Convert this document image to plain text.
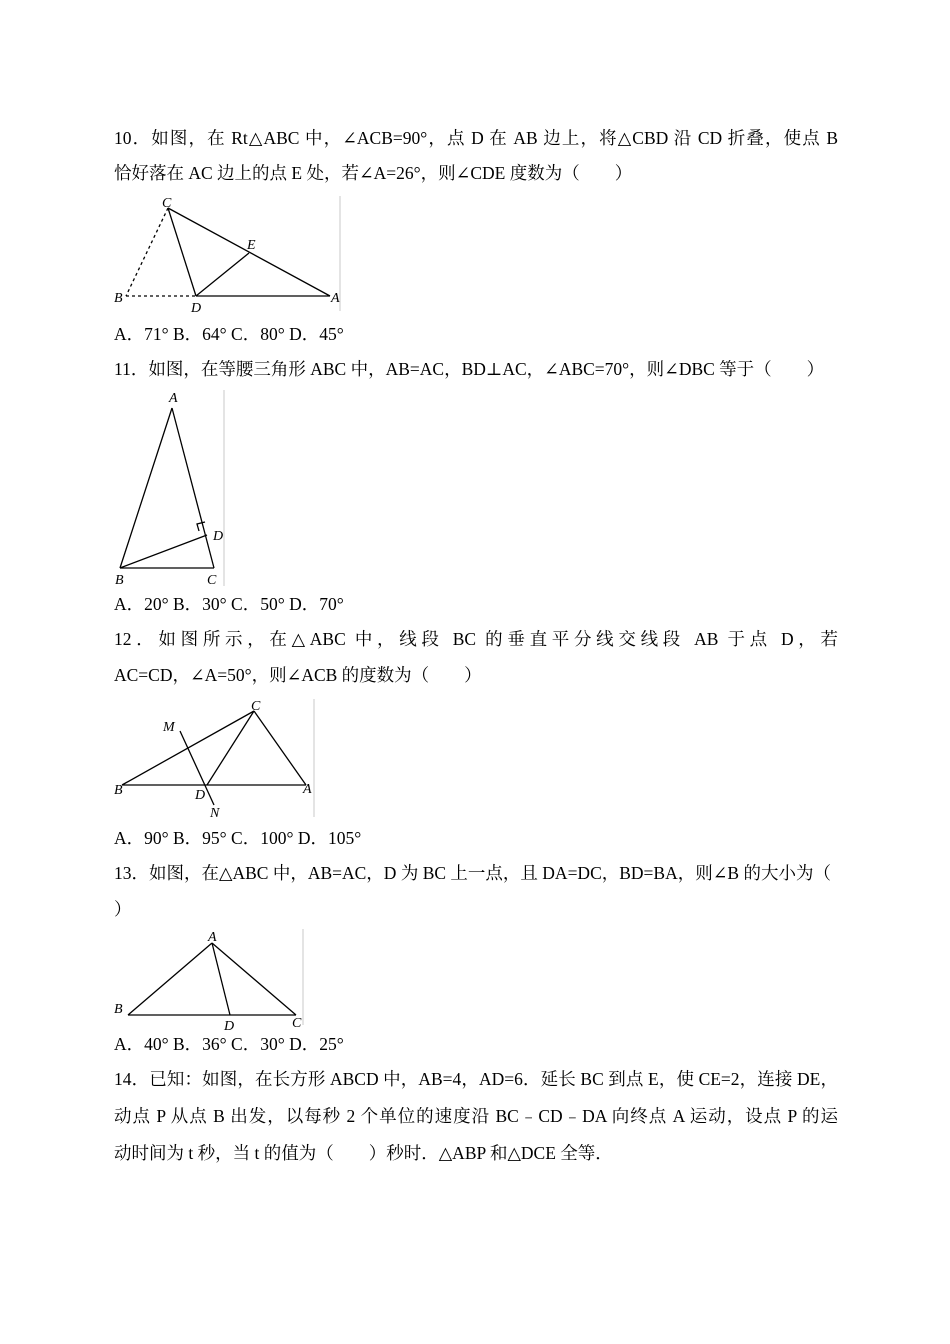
10．如图，在 Rt△ABC 中，∠ACB=90°，点 D 在 AB 边上，将△CBD 沿 CD 折叠，使点 B
恰好落在 AC 边上的点 E 处，若∠A=26°，则∠CDE 度数为（　　）
C
E
B
D
A
A．71° B．64° C．80° D．45°
11．如图，在等腰三角形 ABC 中，AB=AC，BD⊥AC，∠ABC=70°，则∠DBC 等于（　　）
A
D
B	C
A．20° B．30° C．50° D．70°
12．如图所示，在△ABC 中，线段 BC 的垂直平分线交线段 AB 于点 D，若
AC=CD，∠A=50°，则∠ACB 的度数为（　　）
M
C
B	D
N
A
A．90° B．95° C．100° D．105°
13．如图，在△ABC 中，AB=AC，D 为 BC 上一点，且 DA=DC，BD=BA，则∠B 的大小为（
）
A
B
D	C
A．40° B．36° C．30° D．25°
14．已知：如图，在长方形 ABCD 中，AB=4，AD=6．延长 BC 到点 E，使 CE=2，连接 DE，
动点 P 从点 B 出发，以每秒 2 个单位的速度沿 BC﹣CD﹣DA 向终点 A 运动，设点 P 的运
动时间为 t 秒，当 t 的值为（　　）秒时．△ABP 和△DCE 全等．
